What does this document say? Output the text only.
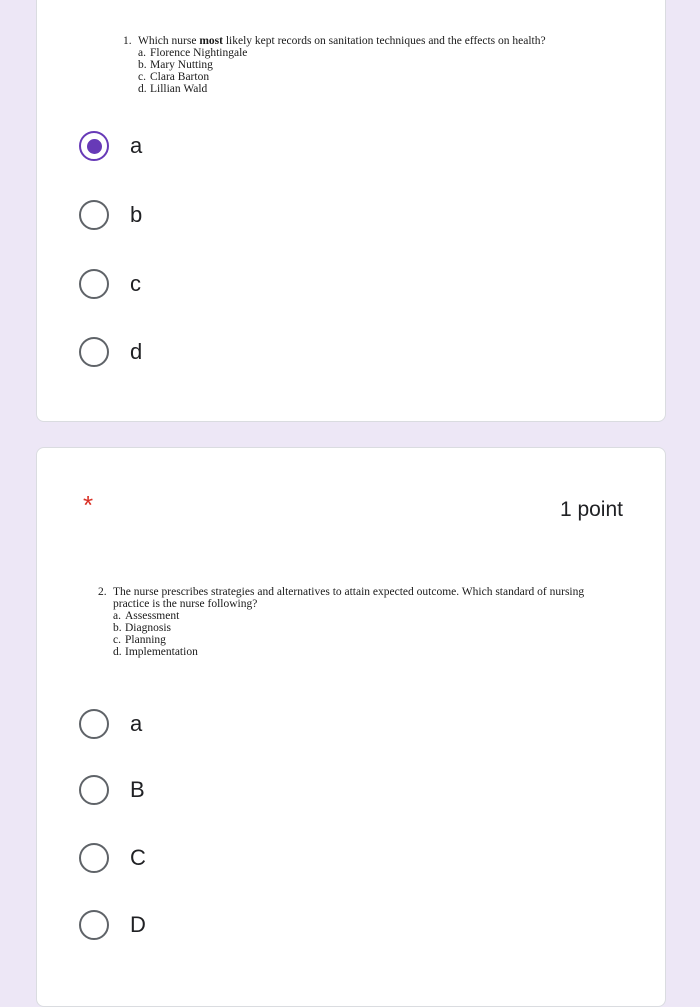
1. Which nurse most likely kept records on sanitation techniques and the effects on health?
a. Florence Nightingale
b. Mary Nutting
c. Clara Barton
d. Lillian Wald
a
b
c
d
*	1 point
2. The nurse prescribes strategies and alternatives to attain expected outcome. Which standard of nursing practice is the nurse following?
a. Assessment
b. Diagnosis
c. Planning
d. Implementation
a
B
C
D
